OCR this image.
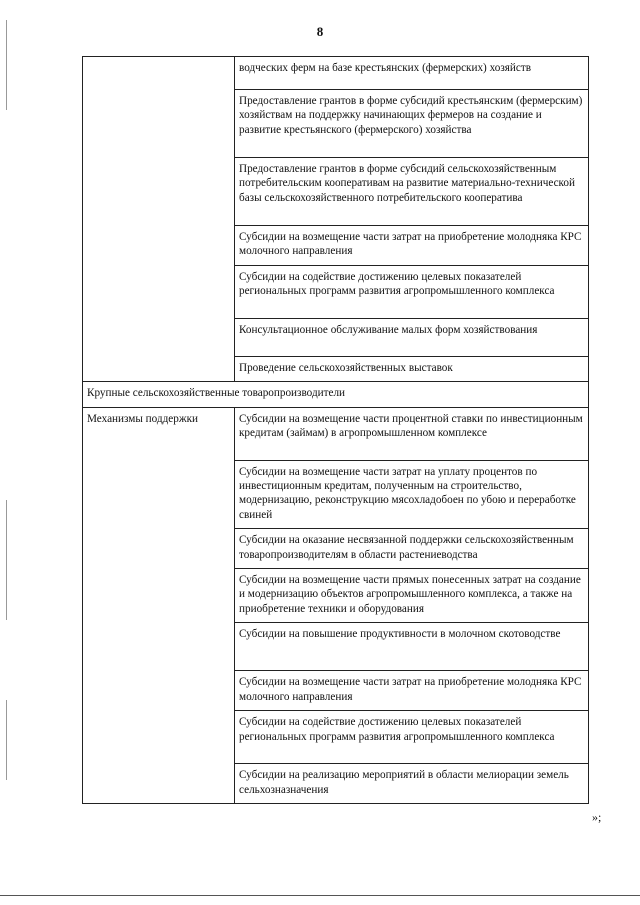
8
	водческих ферм на базе крестьянских (фермерских) хозяйств
	Предоставление грантов в форме субсидий крестьянским (фермерским) хозяйствам на поддержку начинающих фермеров на создание и развитие крестьянского (фермерского) хозяйства
	Предоставление грантов в форме субсидий сельскохозяйственным потребительским кооперативам на развитие материально-технической базы сельскохозяйственного потребительского кооператива
	Субсидии на возмещение части затрат на приобретение молодняка КРС молочного направления
	Субсидии на содействие достижению целевых показателей региональных программ развития агропромышленного комплекса
	Консультационное обслуживание малых форм хозяйствования
	Проведение сельскохозяйственных выставок
Крупные сельскохозяйственные товаропроизводители	
Механизмы поддержки	Субсидии на возмещение части процентной ставки по инвестиционным кредитам (займам) в агропромышленном комплексе
	Субсидии на возмещение части затрат на уплату процентов по инвестиционным кредитам, полученным на строительство, модернизацию, реконструкцию мясохладобоен по убою и переработке свиней
	Субсидии на оказание несвязанной поддержки сельскохозяйственным товаропроизводителям в области растениеводства
	Субсидии на возмещение части прямых понесенных затрат на создание и модернизацию объектов агропромышленного комплекса, а также на приобретение техники и оборудования
	Субсидии на повышение продуктивности в молочном скотоводстве
	Субсидии на возмещение части затрат на приобретение молодняка КРС молочного направления
	Субсидии на содействие достижению целевых показателей региональных программ развития агропромышленного комплекса
	Субсидии на реализацию мероприятий в области мелиорации земель сельхозназначения
»;
